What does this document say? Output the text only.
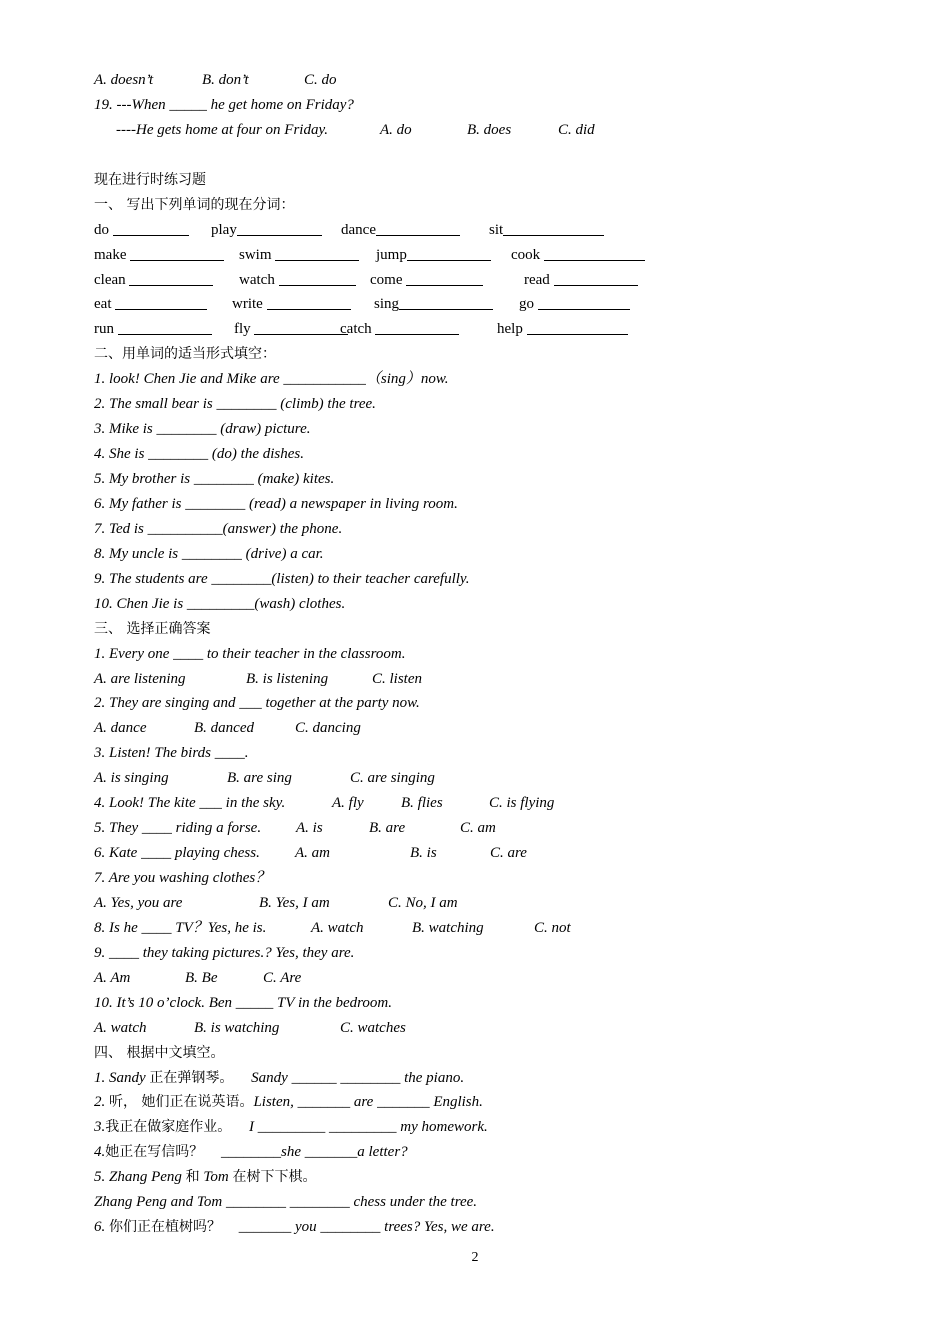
A. doesn’t	B. don’t	C. do
19. ---When _____ he get home on Friday?
----He gets home at four on Friday.	A. do	B. does	C. did
现在进行时练习题
一、 写出下列单词的现在分词：
do	play	dance	sit
make	swim	jump	cook
clean	watch	come	read
eat	write	sing	go
run	fly	catch	help
二、用单词的适当形式填空：
1. look! Chen Jie and Mike are ___________（sing）now.
2. The small bear is ________ (climb) the tree.
3. Mike is ________ (draw) picture.
4. She is ________ (do) the dishes.
5. My brother is ________ (make) kites.
6. My father is ________ (read) a newspaper in living room.
7. Ted is __________(answer) the phone.
8. My uncle is ________ (drive) a car.
9. The students are ________(listen) to their teacher carefully.
10. Chen Jie is _________(wash) clothes.
三、 选择正确答案
1. Every one ____ to their teacher in the classroom.
A. are listening	B. is listening	C. listen
2. They are singing and ___ together at the party now.
A. dance	B. danced	C. dancing
3. Listen! The birds ____.
A. is singing	B. are sing	C. are singing
4. Look! The kite ___ in the sky.	A. fly B. flies	C. is flying
5. They ____ riding a forse. A. is	B. are	C. am
6. Kate ____ playing chess. A. am	B. is	C. are
7. Are you washing clothes？
A. Yes, you are	B. Yes, I am	C. No, I am
8. Is he ____ TV？Yes, he is.	A. watch	B. watching	C. not
9. ____ they taking pictures.? Yes, they are.
A. Am	B. Be	C. Are
10. It’s 10 o’clock. Ben _____ TV in the bedroom.
A. watch	B. is watching	C. watches
四、 根据中文填空。
1. Sandy 正在弹钢琴。 Sandy ______ ________ the piano.
2. 听， 她们正在说英语。Listen, _______ are _______ English.
3.我正在做家庭作业。 I _________ _________ my homework.
4.她正在写信吗？ ________she _______a letter?
5. Zhang Peng 和 Tom 在树下下棋。
Zhang Peng and Tom ________ ________ chess under the tree.
6. 你们正在植树吗？ _______ you ________ trees? Yes, we are.
2
